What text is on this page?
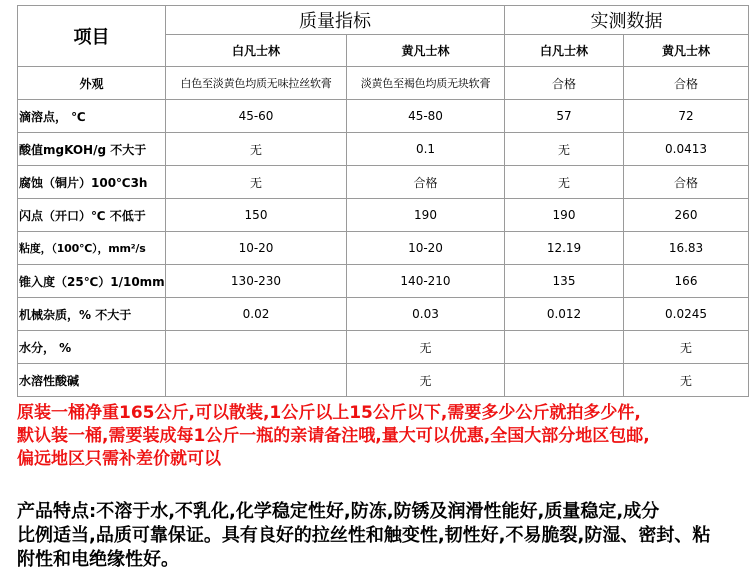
项目	质量指标		实测数据	
	白凡士林	黄凡士林	白凡士林	黄凡士林
外观	白色至淡黄色均质无味拉丝软膏	淡黄色至褐色均质无块软膏	合格	合格
滴溶点， ℃	45-60	45-80	57	72
酸值mgKOH/g 不大于	无	0.1	无	0.0413
腐蚀（铜片）100℃3h	无	合格	无	合格
闪点（开口）℃ 不低于	150	190	190	260
粘度，（100℃），mm²/s	10-20	10-20	12.19	16.83
锥入度（25℃）1/10mm	130-230	140-210	135	166
机械杂质，% 不大于	0.02	0.03	0.012	0.0245
水分， %		无		无
水溶性酸碱		无		无
原装一桶净重165公斤,可以散装,1公斤以上15公斤以下,需要多少公斤就拍多少件,
默认装一桶,需要装成每1公斤一瓶的亲请备注哦,量大可以优惠,全国大部分地区包邮,
偏远地区只需补差价就可以
产品特点:不溶于水,不乳化,化学稳定性好,防冻,防锈及润滑性能好,质量稳定,成分
比例适当,品质可靠保证。具有良好的拉丝性和触变性,韧性好,不易脆裂,防湿、密封、粘
附性和电绝缘性好。
